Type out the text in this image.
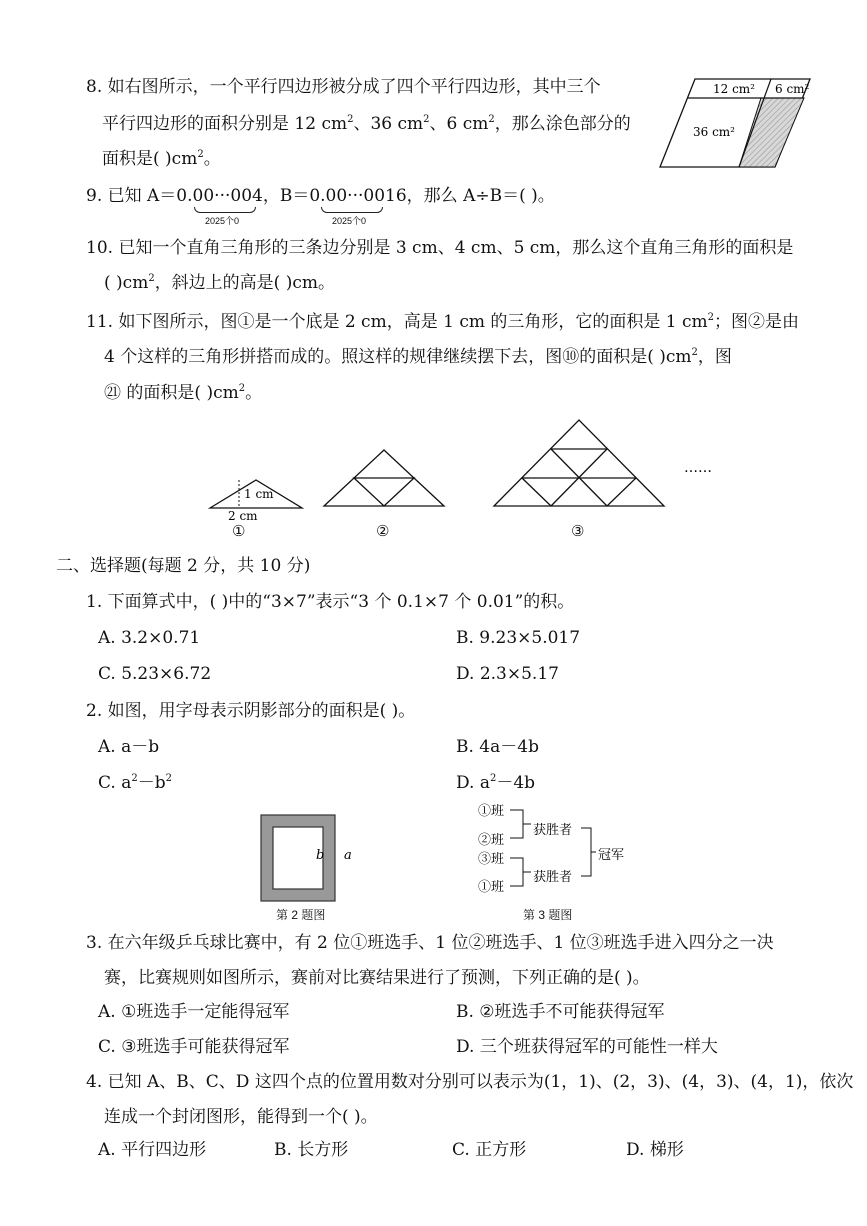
8. 如右图所示，一个平行四边形被分成了四个平行四边形，其中三个
平行四边形的面积分别是 12 $cm^2$、36 $cm^2$、6 $cm^2$，那么涂色部分的
面积是( )$cm^2$。
12 cm² 6 cm²
36 cm²
9. 已知 A＝0.00···004，B＝0.00···0016，那么 A÷B＝( )。
2025个0	2025个0
10. 已知一个直角三角形的三条边分别是 3 cm、4 cm、5 cm，那么这个直角三角形的面积是
( )$cm^2$，斜边上的高是( )cm。
11. 如下图所示，图①是一个底是 2 cm，高是 1 cm 的三角形，它的面积是 1 $cm^2$；图②是由
4 个这样的三角形拼搭而成的。照这样的规律继续摆下去，图⑩的面积是( )$cm^2$，图
㉑ 的面积是( )$cm^2$。
1 cm
2 cm
……
①	②	③
二、选择题(每题 2 分，共 10 分)
1. 下面算式中，( )中的“3×7”表示“3 个 0.1×7 个 0.01”的积。
A. 3.2×0.71	B. 9.23×5.017
C. 5.23×6.72	D. 2.3×5.17
2. 如图，用字母表示阴影部分的面积是( )。
A. a－b	B. 4a－4b
C. $a^2-b^2$	D. $a^2-4b$
b a
第 2 题图
①班
②班
③班
①班
获胜者
获胜者
冠军
第 3 题图
3. 在六年级乒乓球比赛中，有 2 位①班选手、1 位②班选手、1 位③班选手进入四分之一决
赛，比赛规则如图所示，赛前对比赛结果进行了预测，下列正确的是( )。
A. ①班选手一定能得冠军	B. ②班选手不可能获得冠军
C. ③班选手可能获得冠军	D. 三个班获得冠军的可能性一样大
4. 已知 A、B、C、D 这四个点的位置用数对分别可以表示为(1，1)、(2，3)、(4，3)、(4，1)，依次
连成一个封闭图形，能得到一个( )。
A. 平行四边形	B. 长方形	C. 正方形	D. 梯形
